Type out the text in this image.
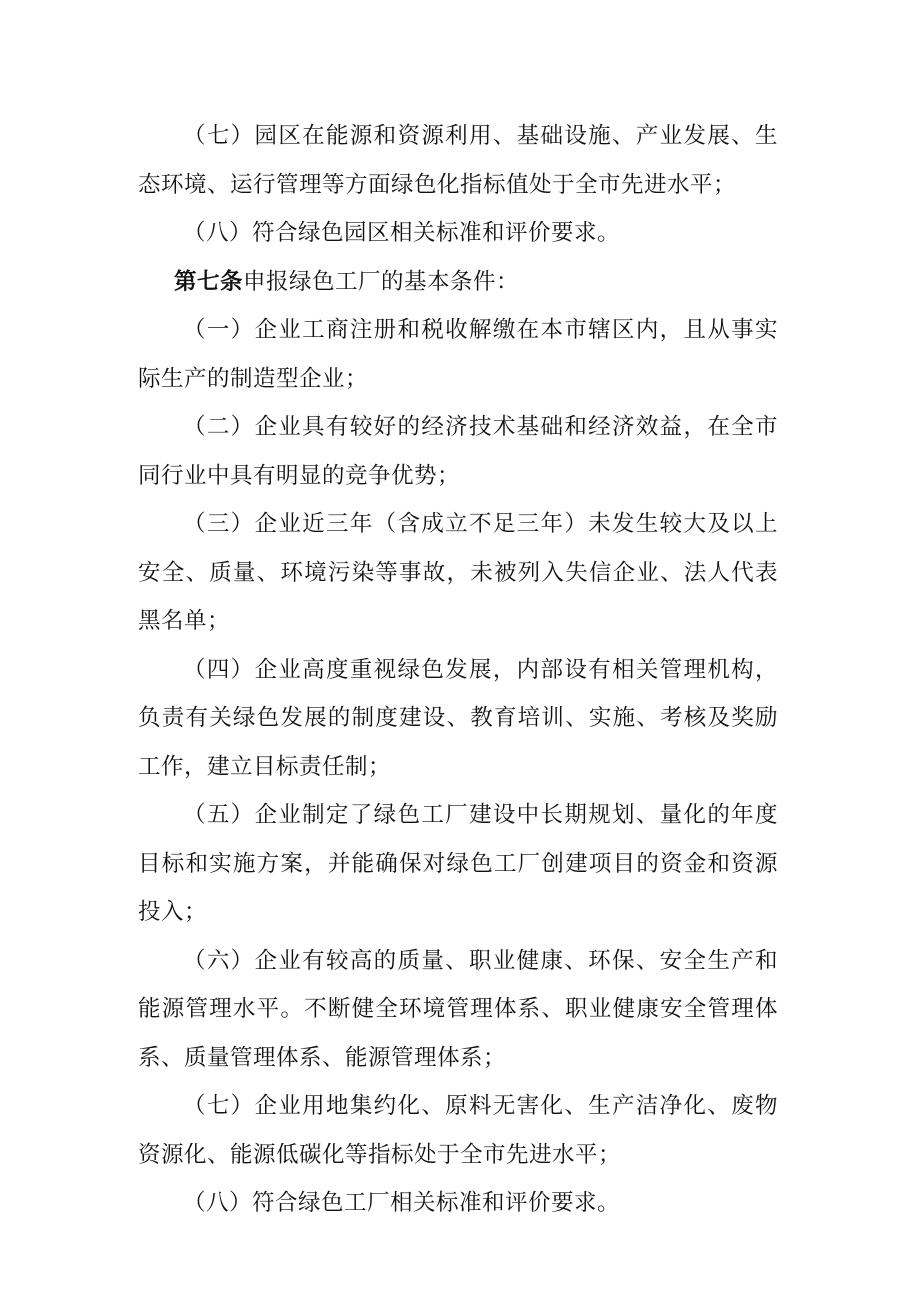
（七）园区在能源和资源利用、基础设施、产业发展、生态环境、运行管理等方面绿色化指标值处于全市先进水平；

（八）符合绿色园区相关标准和评价要求。

第七条申报绿色工厂的基本条件：

（一）企业工商注册和税收解缴在本市辖区内，且从事实际生产的制造型企业；

（二）企业具有较好的经济技术基础和经济效益，在全市同行业中具有明显的竞争优势；

（三）企业近三年（含成立不足三年）未发生较大及以上安全、质量、环境污染等事故，未被列入失信企业、法人代表黑名单；

（四）企业高度重视绿色发展，内部设有相关管理机构，负责有关绿色发展的制度建设、教育培训、实施、考核及奖励工作，建立目标责任制；

（五）企业制定了绿色工厂建设中长期规划、量化的年度目标和实施方案，并能确保对绿色工厂创建项目的资金和资源投入；

（六）企业有较高的质量、职业健康、环保、安全生产和能源管理水平。不断健全环境管理体系、职业健康安全管理体系、质量管理体系、能源管理体系；

（七）企业用地集约化、原料无害化、生产洁净化、废物资源化、能源低碳化等指标处于全市先进水平；

（八）符合绿色工厂相关标准和评价要求。
